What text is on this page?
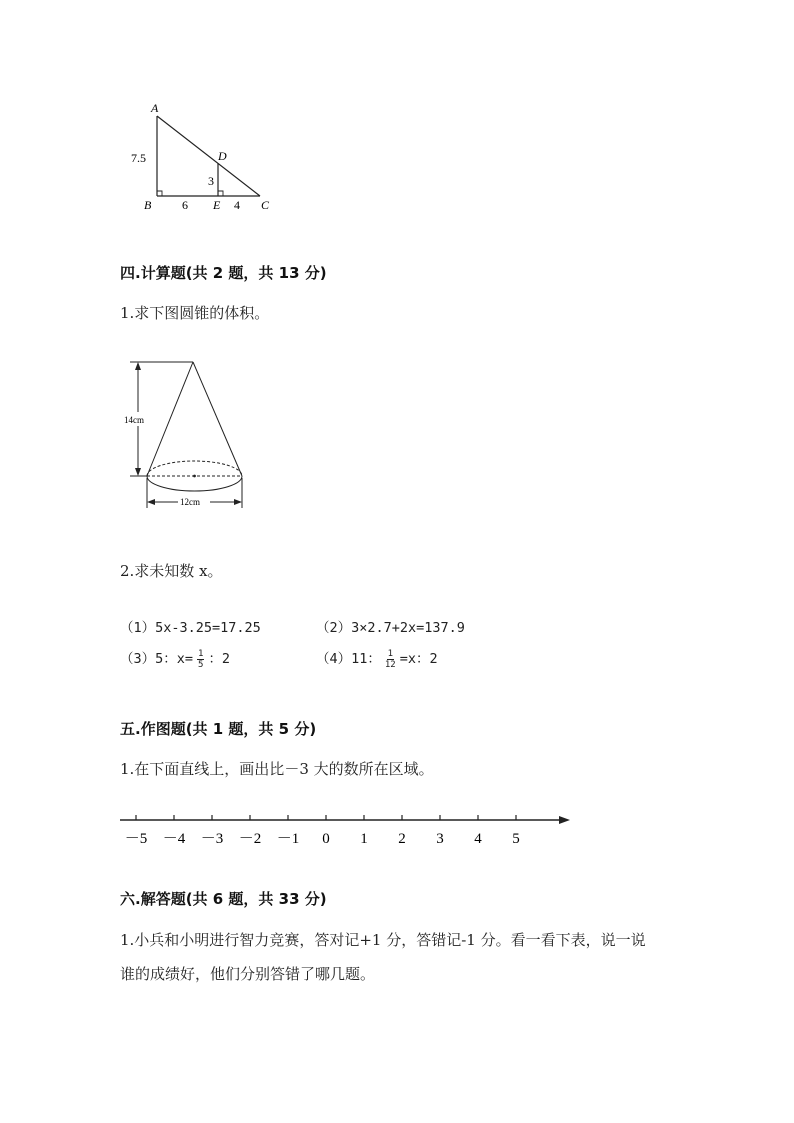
A
B	C
D
E
7.5
3
6	4
四.计算题(共 2 题，共 13 分)
1.求下图圆锥的体积。
14cm
12cm
2.求未知数 x。
（1）5x-3.25=17.25	（2）3×2.7+2x=137.9
（3）5：$x= \frac{1}{5}$ ：2	（4）11： $\frac{1}{12} =x$：2
五.作图题(共 1 题，共 5 分)
1.在下面直线上，画出比－3 大的数所在区域。
－5 －4 －3 －2 －1 0 1 2 3 4 5
六.解答题(共 6 题，共 33 分)
1.小兵和小明进行智力竞赛，答对记+1 分，答错记-1 分。看一看下表，说一说
谁的成绩好，他们分别答错了哪几题。
